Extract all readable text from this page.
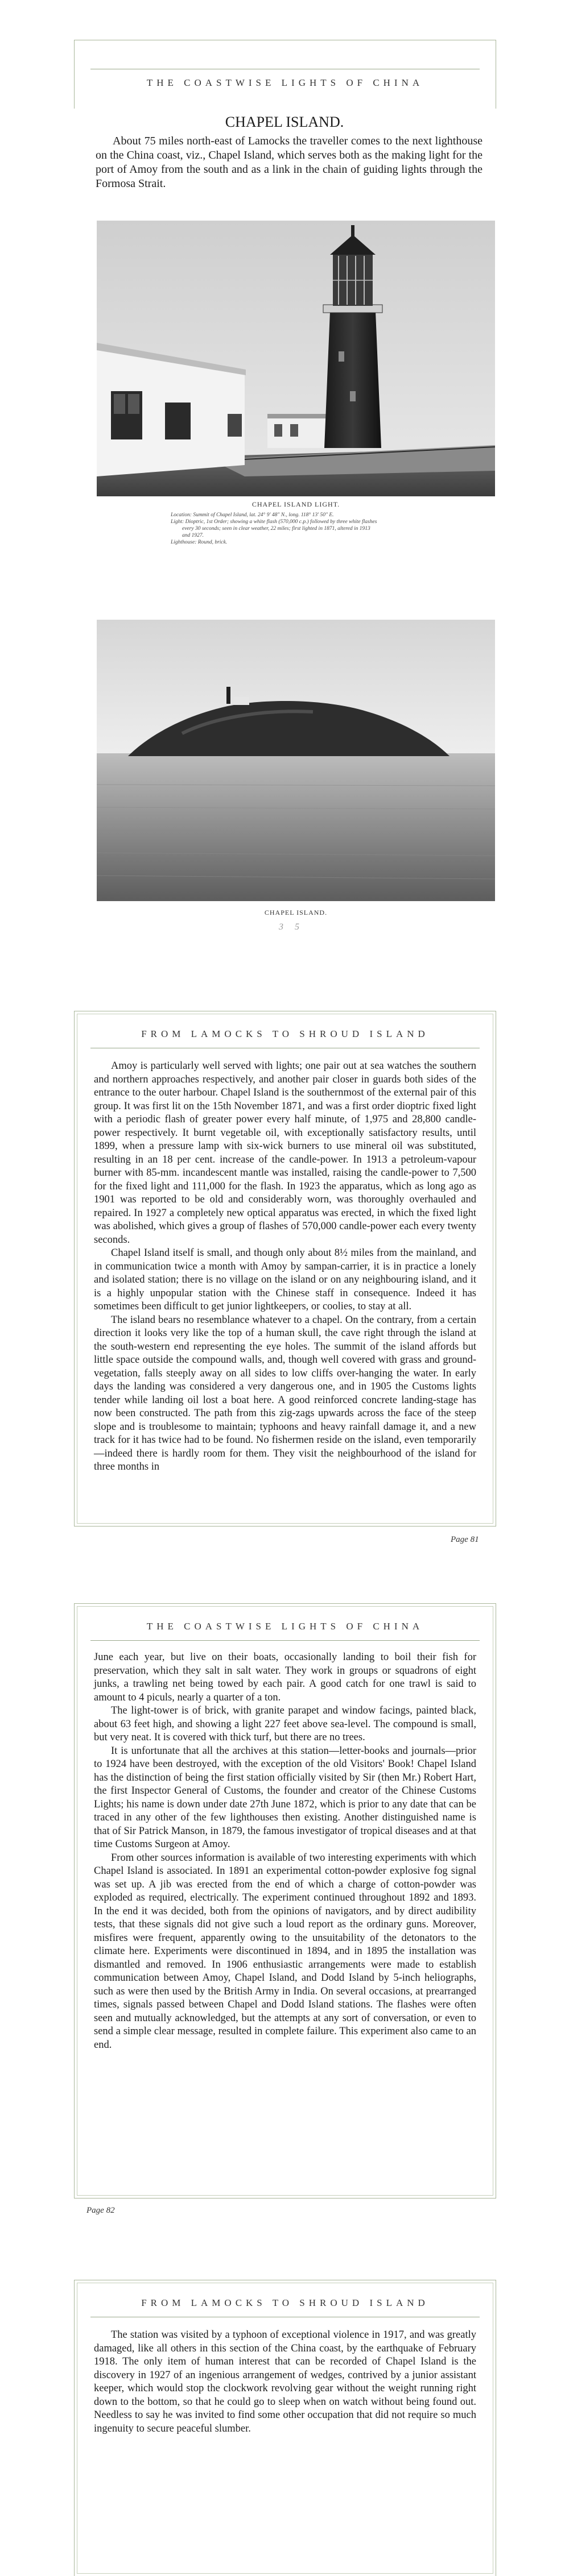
THE COASTWISE LIGHTS OF CHINA
CHAPEL ISLAND.
About 75 miles north-east of Lamocks the traveller comes to the next lighthouse on the China coast, viz., Chapel Island, which serves both as the making light for the port of Amoy from the south and as a link in the chain of guiding lights through the Formosa Strait.
CHAPEL ISLAND LIGHT.
Location: Summit of Chapel Island, lat. 24° 9' 48" N., long. 118° 13' 50" E.
Light: Dioptric, 1st Order; showing a white flash (570,000 c.p.) followed by three white flashes
every 30 seconds; seen in clear weather, 22 miles; first lighted in 1871, altered in 1913
and 1927.
Lighthouse: Round, brick.
CHAPEL ISLAND.
3     5
FROM LAMOCKS TO SHROUD ISLAND

Amoy is particularly well served with lights; one pair out at sea watches the southern and northern approaches respectively, and another pair closer in guards both sides of the entrance to the outer harbour. Chapel Island is the southernmost of the external pair of this group. It was first lit on the 15th November 1871, and was a first order dioptric fixed light with a periodic flash of greater power every half minute, of 1,975 and 28,800 candle-power respectively. It burnt vegetable oil, with exceptionally satisfactory results, until 1899, when a pressure lamp with six-wick burners to use mineral oil was substituted, resulting in an 18 per cent. increase of the candle-power. In 1913 a petroleum-vapour burner with 85-mm. incandescent mantle was installed, raising the candle-power to 7,500 for the fixed light and 111,000 for the flash. In 1923 the apparatus, which as long ago as 1901 was reported to be old and considerably worn, was thoroughly overhauled and repaired. In 1927 a completely new optical apparatus was erected, in which the fixed light was abolished, which gives a group of flashes of 570,000 candle-power each every twenty seconds.

Chapel Island itself is small, and though only about 8½ miles from the mainland, and in communication twice a month with Amoy by sampan-carrier, it is in practice a lonely and isolated station; there is no village on the island or on any neighbouring island, and it is a highly unpopular station with the Chinese staff in consequence. Indeed it has sometimes been difficult to get junior lightkeepers, or coolies, to stay at all.

The island bears no resemblance whatever to a chapel. On the contrary, from a certain direction it looks very like the top of a human skull, the cave right through the island at the south-western end representing the eye holes. The summit of the island affords but little space outside the compound walls, and, though well covered with grass and ground-vegetation, falls steeply away on all sides to low cliffs over-hanging the water. In early days the landing was considered a very dangerous one, and in 1905 the Customs lights tender while landing oil lost a boat here. A good reinforced concrete landing-stage has now been constructed. The path from this zig-zags upwards across the face of the steep slope and is troublesome to maintain; typhoons and heavy rainfall damage it, and a new track for it has twice had to be found. No fishermen reside on the island, even temporarily—indeed there is hardly room for them. They visit the neighbourhood of the island for three months in

Page 81
THE COASTWISE LIGHTS OF CHINA

June each year, but live on their boats, occasionally landing to boil their fish for preservation, which they salt in salt water. They work in groups or squadrons of eight junks, a trawling net being towed by each pair. A good catch for one trawl is said to amount to 4 piculs, nearly a quarter of a ton.

The light-tower is of brick, with granite parapet and window facings, painted black, about 63 feet high, and showing a light 227 feet above sea-level. The compound is small, but very neat. It is covered with thick turf, but there are no trees.

It is unfortunate that all the archives at this station—letter-books and journals—prior to 1924 have been destroyed, with the exception of the old Visitors' Book! Chapel Island has the distinction of being the first station officially visited by Sir (then Mr.) Robert Hart, the first Inspector General of Customs, the founder and creator of the Chinese Customs Lights; his name is down under date 27th June 1872, which is prior to any date that can be traced in any other of the few lighthouses then existing. Another distinguished name is that of Sir Patrick Manson, in 1879, the famous investigator of tropical diseases and at that time Customs Surgeon at Amoy.

From other sources information is available of two interesting experiments with which Chapel Island is associated. In 1891 an experimental cotton-powder explosive fog signal was set up. A jib was erected from the end of which a charge of cotton-powder was exploded as required, electrically. The experiment continued throughout 1892 and 1893. In the end it was decided, both from the opinions of navigators, and by direct audibility tests, that these signals did not give such a loud report as the ordinary guns. Moreover, misfires were frequent, apparently owing to the unsuitability of the detonators to the climate here. Experiments were discontinued in 1894, and in 1895 the installation was dismantled and removed. In 1906 enthusiastic arrangements were made to establish communication between Amoy, Chapel Island, and Dodd Island by 5-inch heliographs, such as were then used by the British Army in India. On several occasions, at prearranged times, signals passed between Chapel and Dodd Island stations. The flashes were often seen and mutually acknowledged, but the attempts at any sort of conversation, or even to send a simple clear message, resulted in complete failure. This experiment also came to an end.

Page 82
FROM LAMOCKS TO SHROUD ISLAND

The station was visited by a typhoon of exceptional violence in 1917, and was greatly damaged, like all others in this section of the China coast, by the earthquake of February 1918. The only item of human interest that can be recorded of Chapel Island is the discovery in 1927 of an ingenious arrangement of wedges, contrived by a junior assistant keeper, which would stop the clockwork revolving gear without the weight running right down to the bottom, so that he could go to sleep when on watch without being found out. Needless to say he was invited to find some other occupation that did not require so much ingenuity to secure peaceful slumber.
